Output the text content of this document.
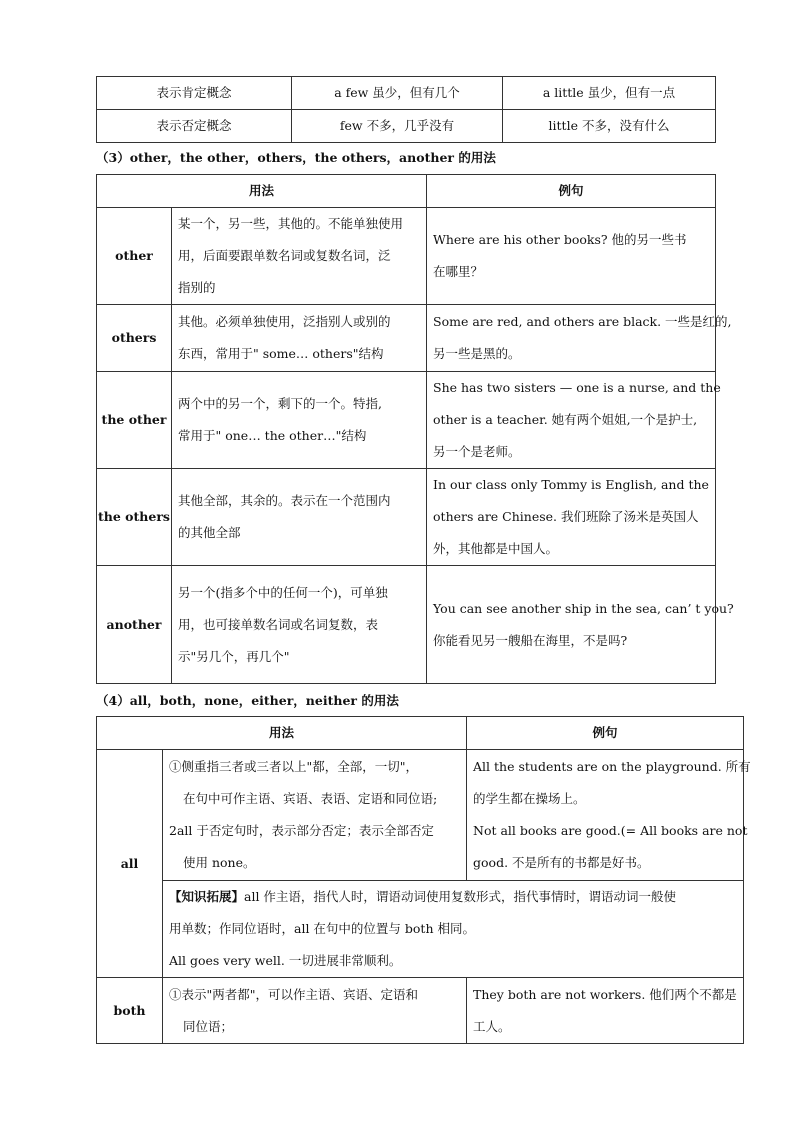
表示肯定概念	a few 虽少，但有几个	a little 虽少，但有一点
表示否定概念	few 不多，几乎没有	little 不多，没有什么
（3）other，the other，others，the others，another 的用法
用法		例句
other	某一个，另一些，其他的。不能单独使用
用，后面要跟单数名词或复数名词，泛
指别的	Where are his other books? 他的另一些书
在哪里？

others	其他。必须单独使用，泛指别人或别的
东西，常用于" some… others"结构	Some are red, and others are black. 一些是红的,
另一些是黑的。

the other	两个中的另一个，剩下的一个。特指,
常用于" one… the other…"结构	She has two sisters — one is a nurse, and the
other is a teacher. 她有两个姐姐,一个是护士,
另一个是老师。

the others	其他全部，其余的。表示在一个范围内
的其他全部	In our class only Tommy is English, and the
others are Chinese. 我们班除了汤米是英国人
外，其他都是中国人。

another	另一个(指多个中的任何一个)，可单独
用，也可接单数名词或名词复数，表
示"另几个，再几个"	You can see another ship in the sea, can’ t you?
你能看见另一艘船在海里，不是吗?
（4）all，both，none，either，neither 的用法
用法		例句
all	①侧重指三者或三者以上"都，全部，一切"，
在句中可作主语、宾语、表语、定语和同位语;
2all 于否定句时，表示部分否定；表示全部否定
使用 none。	All the students are on the playground. 所有
的学生都在操场上。
Not all books are good.(= All books are not
good. 不是所有的书都是好书。

	【知识拓展】all 作主语，指代人时，谓语动词使用复数形式，指代事情时，谓语动词一般使
用单数；作同位语时，all 在句中的位置与 both 相同。
All goes very well. 一切进展非常顺利。	

both	①表示"两者都"，可以作主语、宾语、定语和
同位语；	They both are not workers. 他们两个不都是
工人。
